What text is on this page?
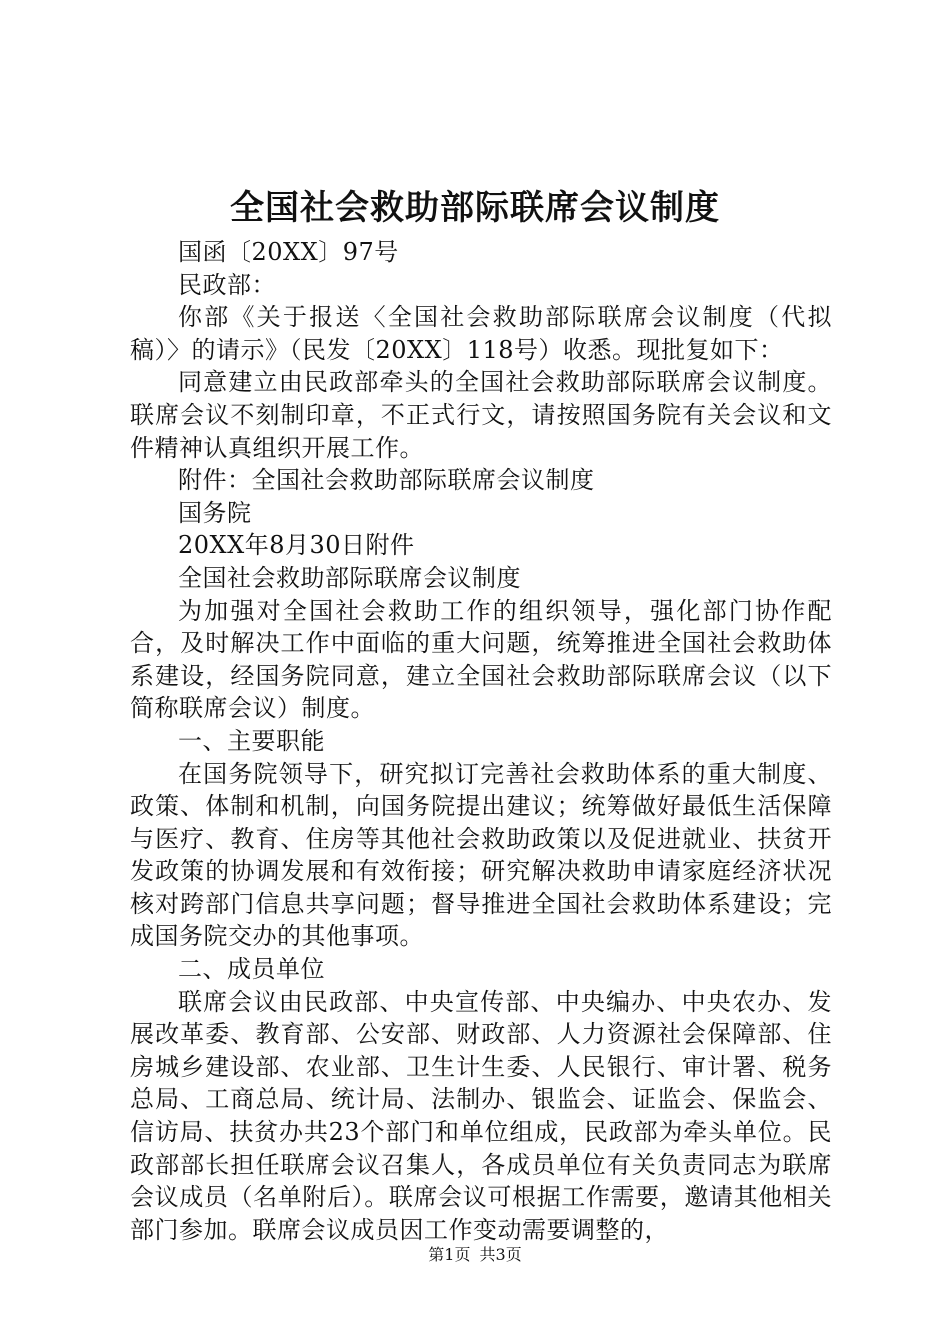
全国社会救助部际联席会议制度

国函〔20XX〕97号

民政部：

你部《关于报送〈全国社会救助部际联席会议制度（代拟稿）〉的请示》（民发〔20XX〕118号）收悉。现批复如下：

同意建立由民政部牵头的全国社会救助部际联席会议制度。联席会议不刻制印章，不正式行文，请按照国务院有关会议和文件精神认真组织开展工作。

附件：全国社会救助部际联席会议制度

国务院

20XX年8月30日附件

全国社会救助部际联席会议制度

为加强对全国社会救助工作的组织领导，强化部门协作配合，及时解决工作中面临的重大问题，统筹推进全国社会救助体系建设，经国务院同意，建立全国社会救助部际联席会议（以下简称联席会议）制度。

一、主要职能

在国务院领导下，研究拟订完善社会救助体系的重大制度、政策、体制和机制，向国务院提出建议；统筹做好最低生活保障与医疗、教育、住房等其他社会救助政策以及促进就业、扶贫开发政策的协调发展和有效衔接；研究解决救助申请家庭经济状况核对跨部门信息共享问题；督导推进全国社会救助体系建设；完成国务院交办的其他事项。

二、成员单位

联席会议由民政部、中央宣传部、中央编办、中央农办、发展改革委、教育部、公安部、财政部、人力资源社会保障部、住房城乡建设部、农业部、卫生计生委、人民银行、审计署、税务总局、工商总局、统计局、法制办、银监会、证监会、保监会、信访局、扶贫办共23个部门和单位组成，民政部为牵头单位。民政部部长担任联席会议召集人，各成员单位有关负责同志为联席会议成员（名单附后）。联席会议可根据工作需要，邀请其他相关部门参加。联席会议成员因工作变动需要调整的，

第1页 共3页
